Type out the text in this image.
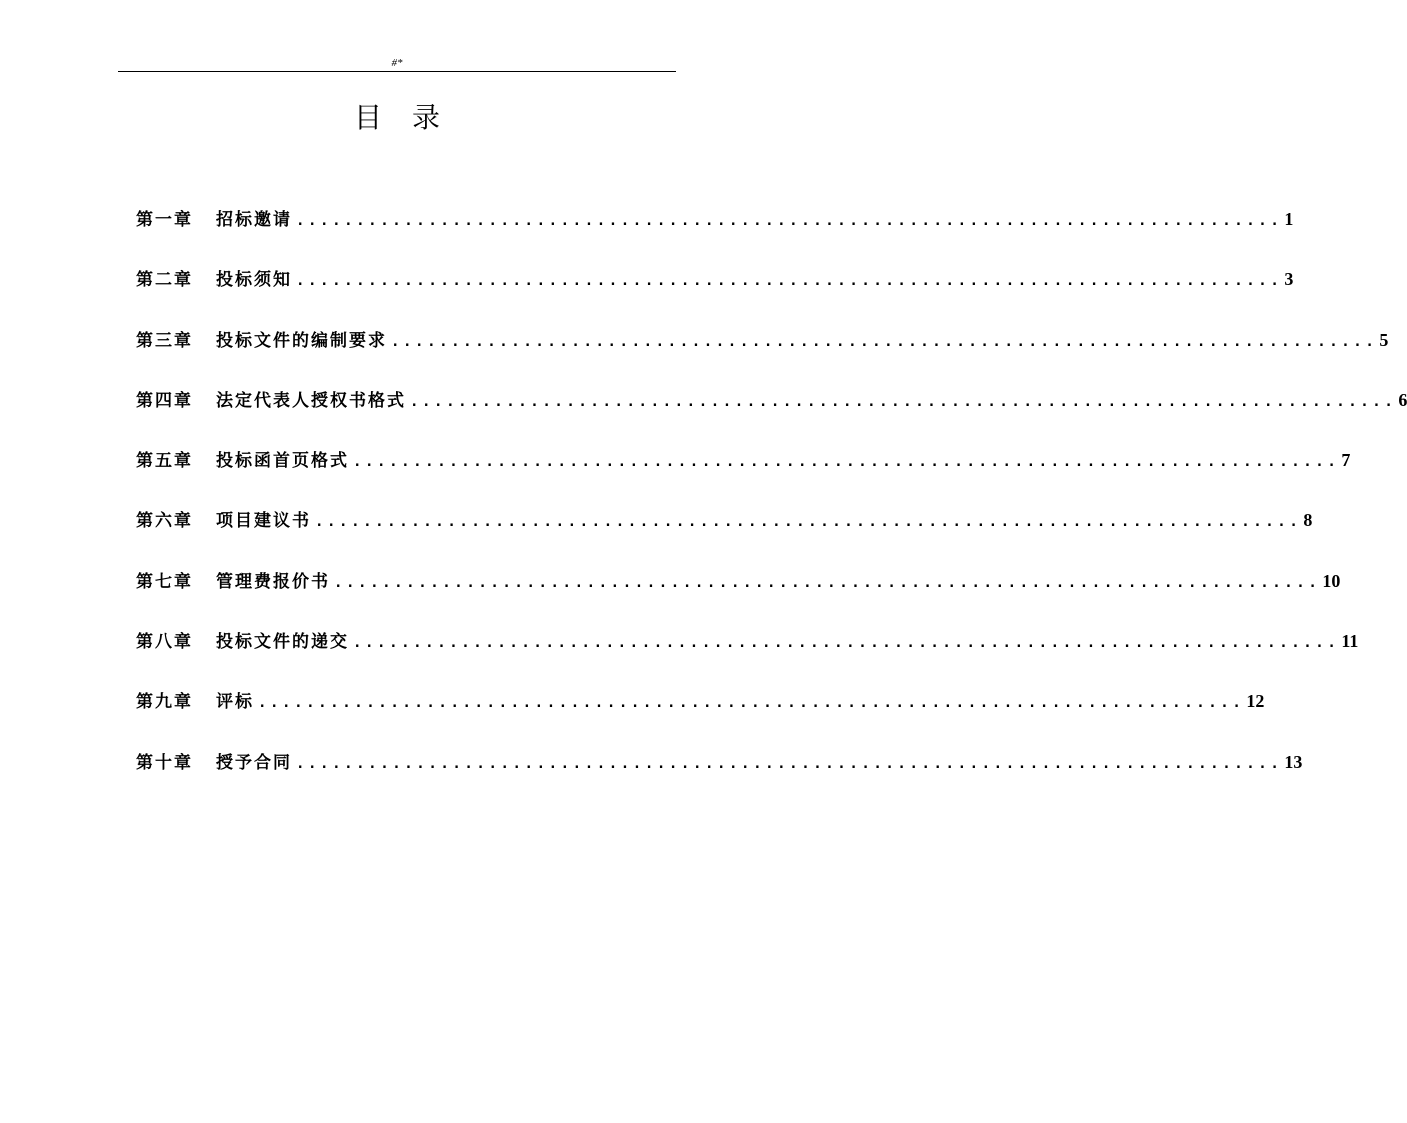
#*
目录
第一章	招标邀请 .................................................................................. 1
第二章	投标须知 .................................................................................. 3
第三章	投标文件的编制要求 .................................................................................. 5
第四章	法定代表人授权书格式 .................................................................................. 6
第五章	投标函首页格式 .................................................................................. 7
第六章	项目建议书 .................................................................................. 8
第七章	管理费报价书 .................................................................................. 10
第八章	投标文件的递交 .................................................................................. 11
第九章	评标 .................................................................................. 12
第十章	授予合同 .................................................................................. 13
